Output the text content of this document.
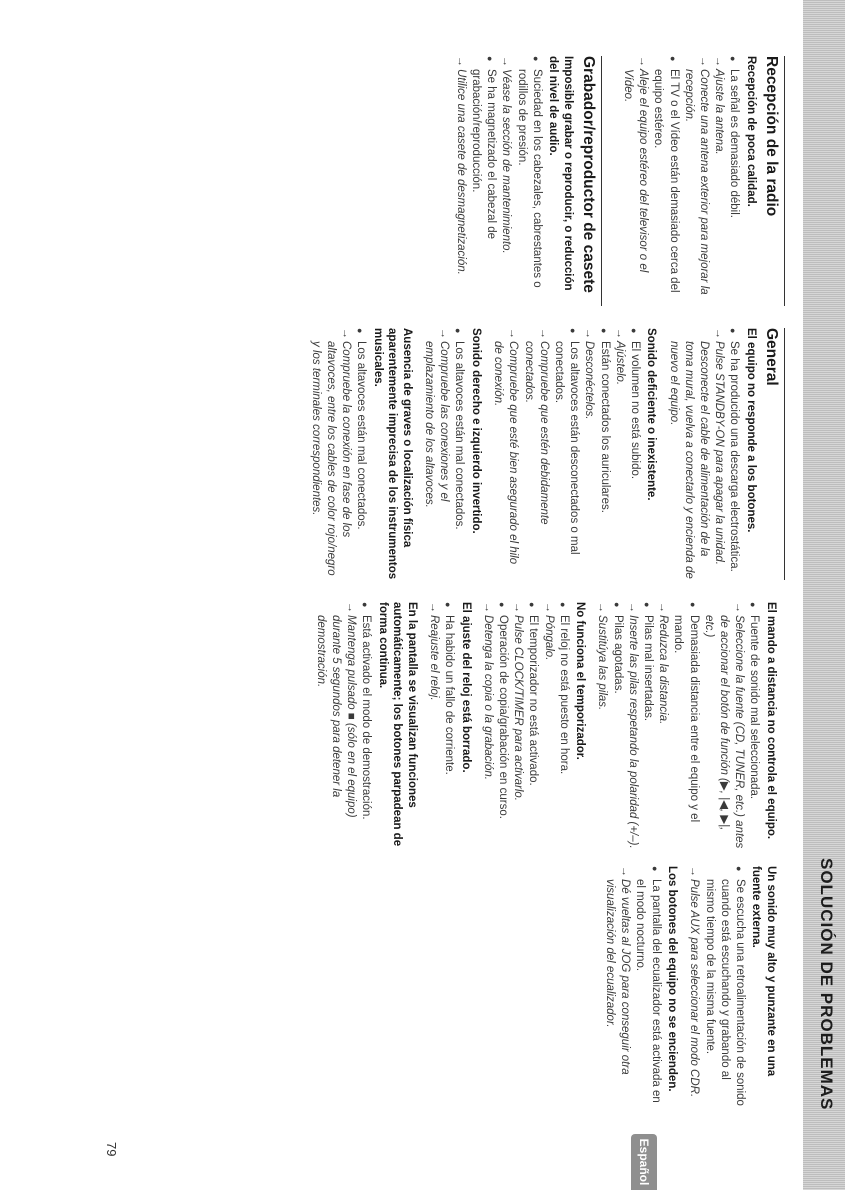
SOLUCIÓN DE PROBLEMAS
Español
79
Recepción de la radio
Recepción de poca calidad.
● La señal es demasiado débil.
→ Ajuste la antena.
→ Conecte una antena exterior para mejorar la recepción.
● El TV o el Vídeo están demasiado cerca del equipo estéreo.
→ Aleje el equipo estéreo del televisor o el Vídeo.
Grabador/reproductor de casete
Imposible grabar o reproducir, o reducción del nivel de audio.
● Suciedad en los cabezales, cabrestantes o rodillos de presión.
→ Véase la sección de mantenimiento.
● Se ha magnetizado el cabezal de grabación/reproducción.
→ Utilice una casete de desmagnetización.
General
El equipo no responde a los botones.
● Se ha producido una descarga electrostática.
→ Pulse STANDBY-ON para apagar la unidad. Desconecte el cable de alimentación de la toma mural, vuelva a conectarlo y encienda de nuevo el equipo.
Sonido deficiente o inexistente.
● El volumen no está subido.
→ Ajústelo.
● Están conectados los auriculares.
→ Desconéctelos.
● Los altavoces están desconectados o mal conectados.
→ Compruebe que estén debidamente conectados.
→ Compruebe que esté bien asegurado el hilo de conexión.
Sonido derecho e izquierdo invertido.
● Los altavoces están mal conectados.
→ Compruebe las conexiones y el emplazamiento de los altavoces.
Ausencia de graves o localización física aparentemente imprecisa de los instrumentos musicales.
● Los altavoces están mal conectados.
→ Compruebe la conexión en fase de los altavoces, entre los cables de color rojo/negro y los terminales correspondientes.
El mando a distancia no controla el equipo.
● Fuente de sonido mal seleccionada.
→ Seleccione la fuente (CD, TUNER, etc.) antes de accionar el botón de función (▶, |◀, ▶|, etc.)
● Demasiada distancia entre el equipo y el mando.
→ Reduzca la distancia.
● Pilas mal insertadas.
→ Inserte las pilas respetando la polaridad (+/–).
● Pilas agotadas.
→ Sustitúya las pilas.
No funciona el temporizador.
● El reloj no está puesto en hora.
→ Póngalo.
● El temporizador no está activado.
→ Pulse CLOCK/TIMER para activarlo.
● Operación de copia/grabación en curso.
→ Detenga la copia o la grabación.
El ajuste del reloj está borrado.
● Ha habido un fallo de corriente.
→ Reajuste el reloj.
En la pantalla se visualizan funciones automáticamente; los botones parpadean de forma continua.
● Está activado el modo de demostración.
→ Mantenga pulsado ■ (sólo en el equipo) durante 5 segundos para detener la demostración.
Un sonido muy alto y punzante en una fuente externa.
● Se escucha una retroalimentación de sonido cuando está escuchando y grabando al mismo tiempo de la misma fuente.
→ Pulse AUX para seleccionar el modo CDR.
Los botones del equipo no se encienden.
● La pantalla del ecualizador está activada en el modo nocturno.
→ Dé vueltas al JOG para conseguir otra visualización del ecualizador.
